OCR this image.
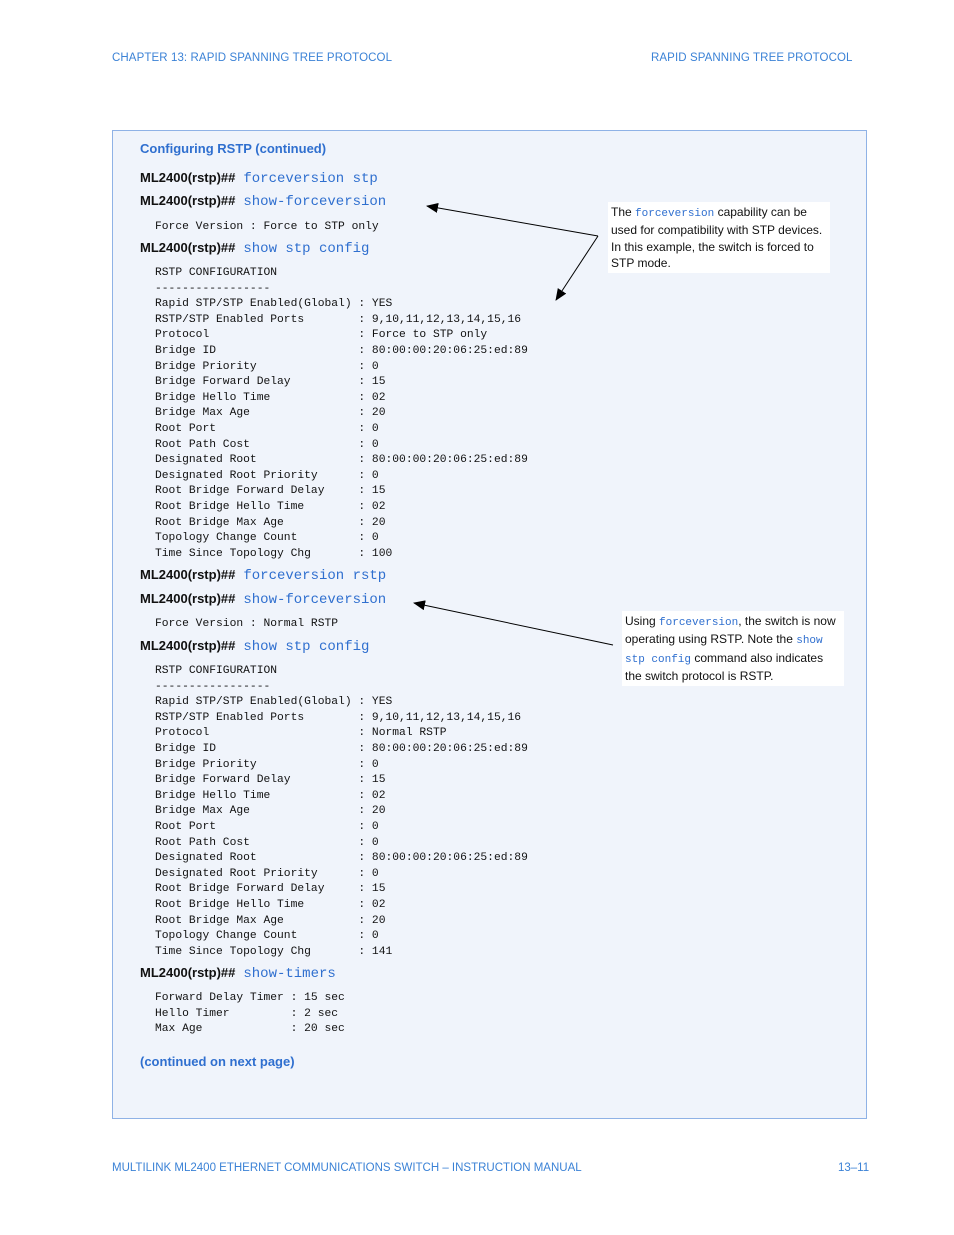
CHAPTER 13: RAPID SPANNING TREE PROTOCOL	RAPID SPANNING TREE PROTOCOL
Configuring RSTP (continued)
ML2400(rstp)## forceversion stp
ML2400(rstp)## show-forceversion
Force Version : Force to STP only
ML2400(rstp)## show stp config
RSTP CONFIGURATION
-----------------
Rapid STP/STP Enabled(Global) : YES
RSTP/STP Enabled Ports        : 9,10,11,12,13,14,15,16
Protocol                      : Force to STP only
Bridge ID                     : 80:00:00:20:06:25:ed:89
Bridge Priority               : 0
Bridge Forward Delay          : 15
Bridge Hello Time             : 02
Bridge Max Age                : 20
Root Port                     : 0
Root Path Cost                : 0
Designated Root               : 80:00:00:20:06:25:ed:89
Designated Root Priority      : 0
Root Bridge Forward Delay     : 15
Root Bridge Hello Time        : 02
Root Bridge Max Age           : 20
Topology Change Count         : 0
Time Since Topology Chg       : 100
ML2400(rstp)## forceversion rstp
ML2400(rstp)## show-forceversion
Force Version : Normal RSTP
ML2400(rstp)## show stp config
RSTP CONFIGURATION
-----------------
Rapid STP/STP Enabled(Global) : YES
RSTP/STP Enabled Ports        : 9,10,11,12,13,14,15,16
Protocol                      : Normal RSTP
Bridge ID                     : 80:00:00:20:06:25:ed:89
Bridge Priority               : 0
Bridge Forward Delay          : 15
Bridge Hello Time             : 02
Bridge Max Age                : 20
Root Port                     : 0
Root Path Cost                : 0
Designated Root               : 80:00:00:20:06:25:ed:89
Designated Root Priority      : 0
Root Bridge Forward Delay     : 15
Root Bridge Hello Time        : 02
Root Bridge Max Age           : 20
Topology Change Count         : 0
Time Since Topology Chg       : 141
ML2400(rstp)## show-timers
Forward Delay Timer : 15 sec
Hello Timer         : 2 sec
Max Age             : 20 sec
(continued on next page)
The forceversion capability can be used for compatibility with STP devices. In this example, the switch is forced to STP mode.
Using forceversion, the switch is now operating using RSTP. Note the show stp config command also indicates the switch protocol is RSTP.
MULTILINK ML2400 ETHERNET COMMUNICATIONS SWITCH – INSTRUCTION MANUAL	13–11
